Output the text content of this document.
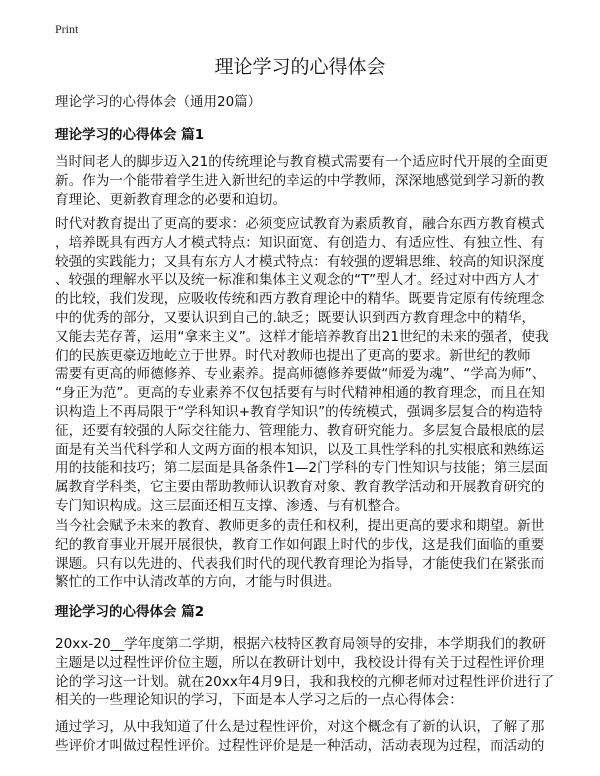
Print
理论学习的心得体会
理论学习的心得体会（通用20篇）
理论学习的心得体会 篇1
当时间老人的脚步迈入21的传统理论与教育模式需要有一个适应时代开展的全面更
新。作为一个能带着学生进入新世纪的幸运的中学教师，深深地感觉到学习新的教
育理论、更新教育理念的必要和迫切。
时代对教育提出了更高的要求：必须变应试教育为素质教育，融合东西方教育模式
，培养既具有西方人才模式特点：知识面宽、有创造力、有适应性、有独立性、有
较强的实践能力；又具有东方人才模式特点：有较强的逻辑思维、较高的知识深度
、较强的理解水平以及统一标准和集体主义观念的“T”型人才。经过对中西方人才
的比较，我们发现，应吸收传统和西方教育理论中的精华。既要肯定原有传统理念
中的优秀的部分，又要认识到自己的.缺乏；既要认识到西方教育理念中的精华，
又能去芜存菁，运用“拿来主义”。这样才能培养教育出21世纪的未来的强者，使我
们的民族更豪迈地屹立于世界。时代对教师也提出了更高的要求。新世纪的教师
需要有更高的师德修养、专业素养。提高师德修养要做“师爱为魂”、“学高为师”、
“身正为范”。更高的专业素养不仅包括要有与时代精神相通的教育理念，而且在知
识构造上不再局限于“学科知识+教育学知识”的传统模式，强调多层复合的构造特
征，还要有较强的人际交往能力、管理能力、教育研究能力。多层复合最根底的层
面是有关当代科学和人文两方面的根本知识，以及工具性学科的扎实根底和熟练运
用的技能和技巧；第二层面是具备条件1—2门学科的专门性知识与技能；第三层面
属教育学科类，它主要由帮助教师认识教育对象、教育教学活动和开展教育研究的
专门知识构成。这三层面还相互支撑、渗透、与有机整合。
当今社会赋予未来的教育、教师更多的责任和权利，提出更高的要求和期望。新世
纪的教育事业开展开展很快，教育工作如何跟上时代的步伐，这是我们面临的重要
课题。只有以先进的、代表我们时代的现代教育理论为指导，才能使我们在紧张而
繁忙的工作中认清改革的方向，才能与时俱进。
理论学习的心得体会 篇2
20xx-20__学年度第二学期，根据六枝特区教育局领导的安排，本学期我们的教研
主题是以过程性评价位主题，所以在教研计划中，我校设计得有关于过程性评价理
论的学习这一计划。就在20xx年4月9日，我和我校的亢柳老师对过程性评价进行了
相关的一些理论知识的学习，下面是本人学习之后的一点心得体会：
通过学习，从中我知道了什么是过程性评价，对这个概念有了新的认识，了解了那
些评价才叫做过程性评价。过程性评价是是一种活动，活动表现为过程，而活动的
